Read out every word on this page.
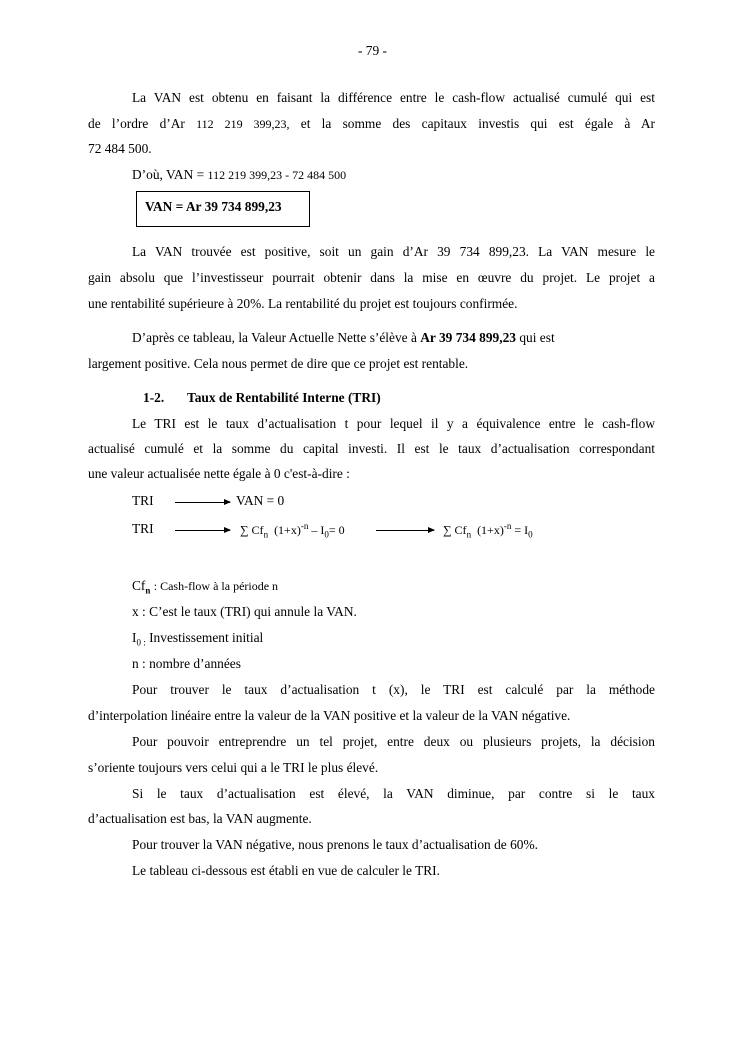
- 79 -
La VAN est obtenu en faisant la différence entre le cash-flow actualisé cumulé qui est
de l’ordre d’Ar 112 219 399,23, et la somme des capitaux investis qui est égale à Ar
72 484 500.
D’où, VAN = 112 219 399,23 - 72 484 500
VAN = Ar 39 734 899,23
La VAN trouvée est positive, soit un gain d’Ar 39 734 899,23. La VAN mesure le
gain absolu que l’investisseur pourrait obtenir dans la mise en œuvre du projet. Le projet a
une rentabilité supérieure à 20%. La rentabilité du projet est toujours confirmée.
D’après ce tableau, la Valeur Actuelle Nette s’élève à Ar 39 734 899,23 qui est
largement positive. Cela nous permet de dire que ce projet est rentable.
1-2. Taux de Rentabilité Interne (TRI)
Le TRI est le taux d’actualisation t pour lequel il y a équivalence entre le cash-flow
actualisé cumulé et la somme du capital investi. Il est le taux d’actualisation correspondant
une valeur actualisée nette égale à 0 c'est-à-dire :
TRI	VAN = 0
TRI	∑ $Cf_n$ $(1+x)^{-n} - I_0= 0$	∑ $Cf_n$ $(1+x)^{-n} = I_0$
$Cf_n$ : Cash-flow à la période n
x : C’est le taux (TRI) qui annule la VAN.
$I_{0 :}$ Investissement initial
n : nombre d’années
Pour trouver le taux d’actualisation t (x), le TRI est calculé par la méthode
d’interpolation linéaire entre la valeur de la VAN positive et la valeur de la VAN négative.
Pour pouvoir entreprendre un tel projet, entre deux ou plusieurs projets, la décision
s’oriente toujours vers celui qui a le TRI le plus élevé.
Si le taux d’actualisation est élevé, la VAN diminue, par contre si le taux
d’actualisation est bas, la VAN augmente.
Pour trouver la VAN négative, nous prenons le taux d’actualisation de 60%.
Le tableau ci-dessous est établi en vue de calculer le TRI.
